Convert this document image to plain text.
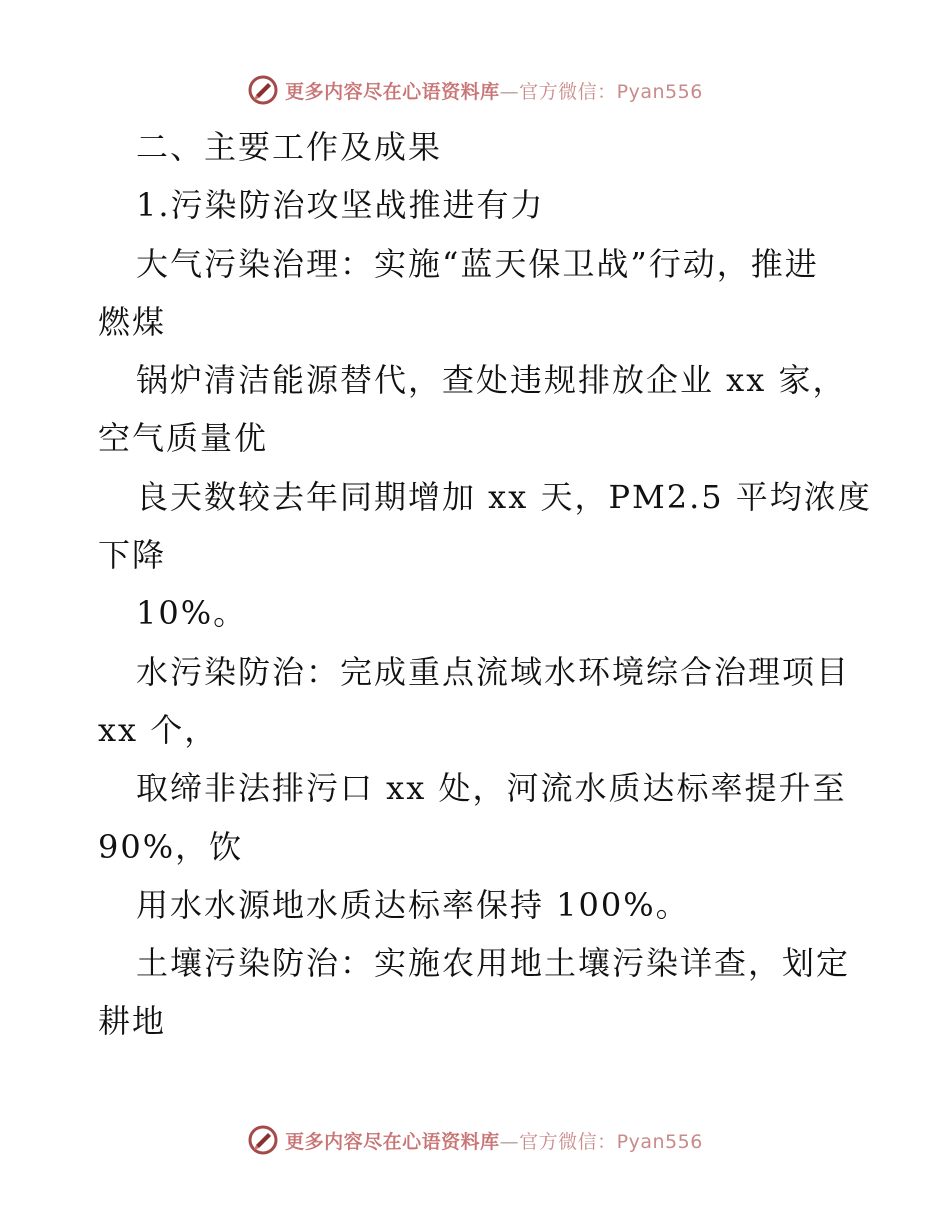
更多内容尽在心语资料库—官方微信：Pyan556
二、主要工作及成果
1.污染防治攻坚战推进有力
大气污染治理：实施“蓝天保卫战”行动，推进
燃煤
锅炉清洁能源替代，查处违规排放企业 xx 家，
空气质量优
良天数较去年同期增加 xx 天，PM2.5 平均浓度
下降
10%。
水污染防治：完成重点流域水环境综合治理项目
xx 个，
取缔非法排污口 xx 处，河流水质达标率提升至
90%，饮
用水水源地水质达标率保持 100%。
土壤污染防治：实施农用地土壤污染详查，划定
耕地
更多内容尽在心语资料库—官方微信：Pyan556
